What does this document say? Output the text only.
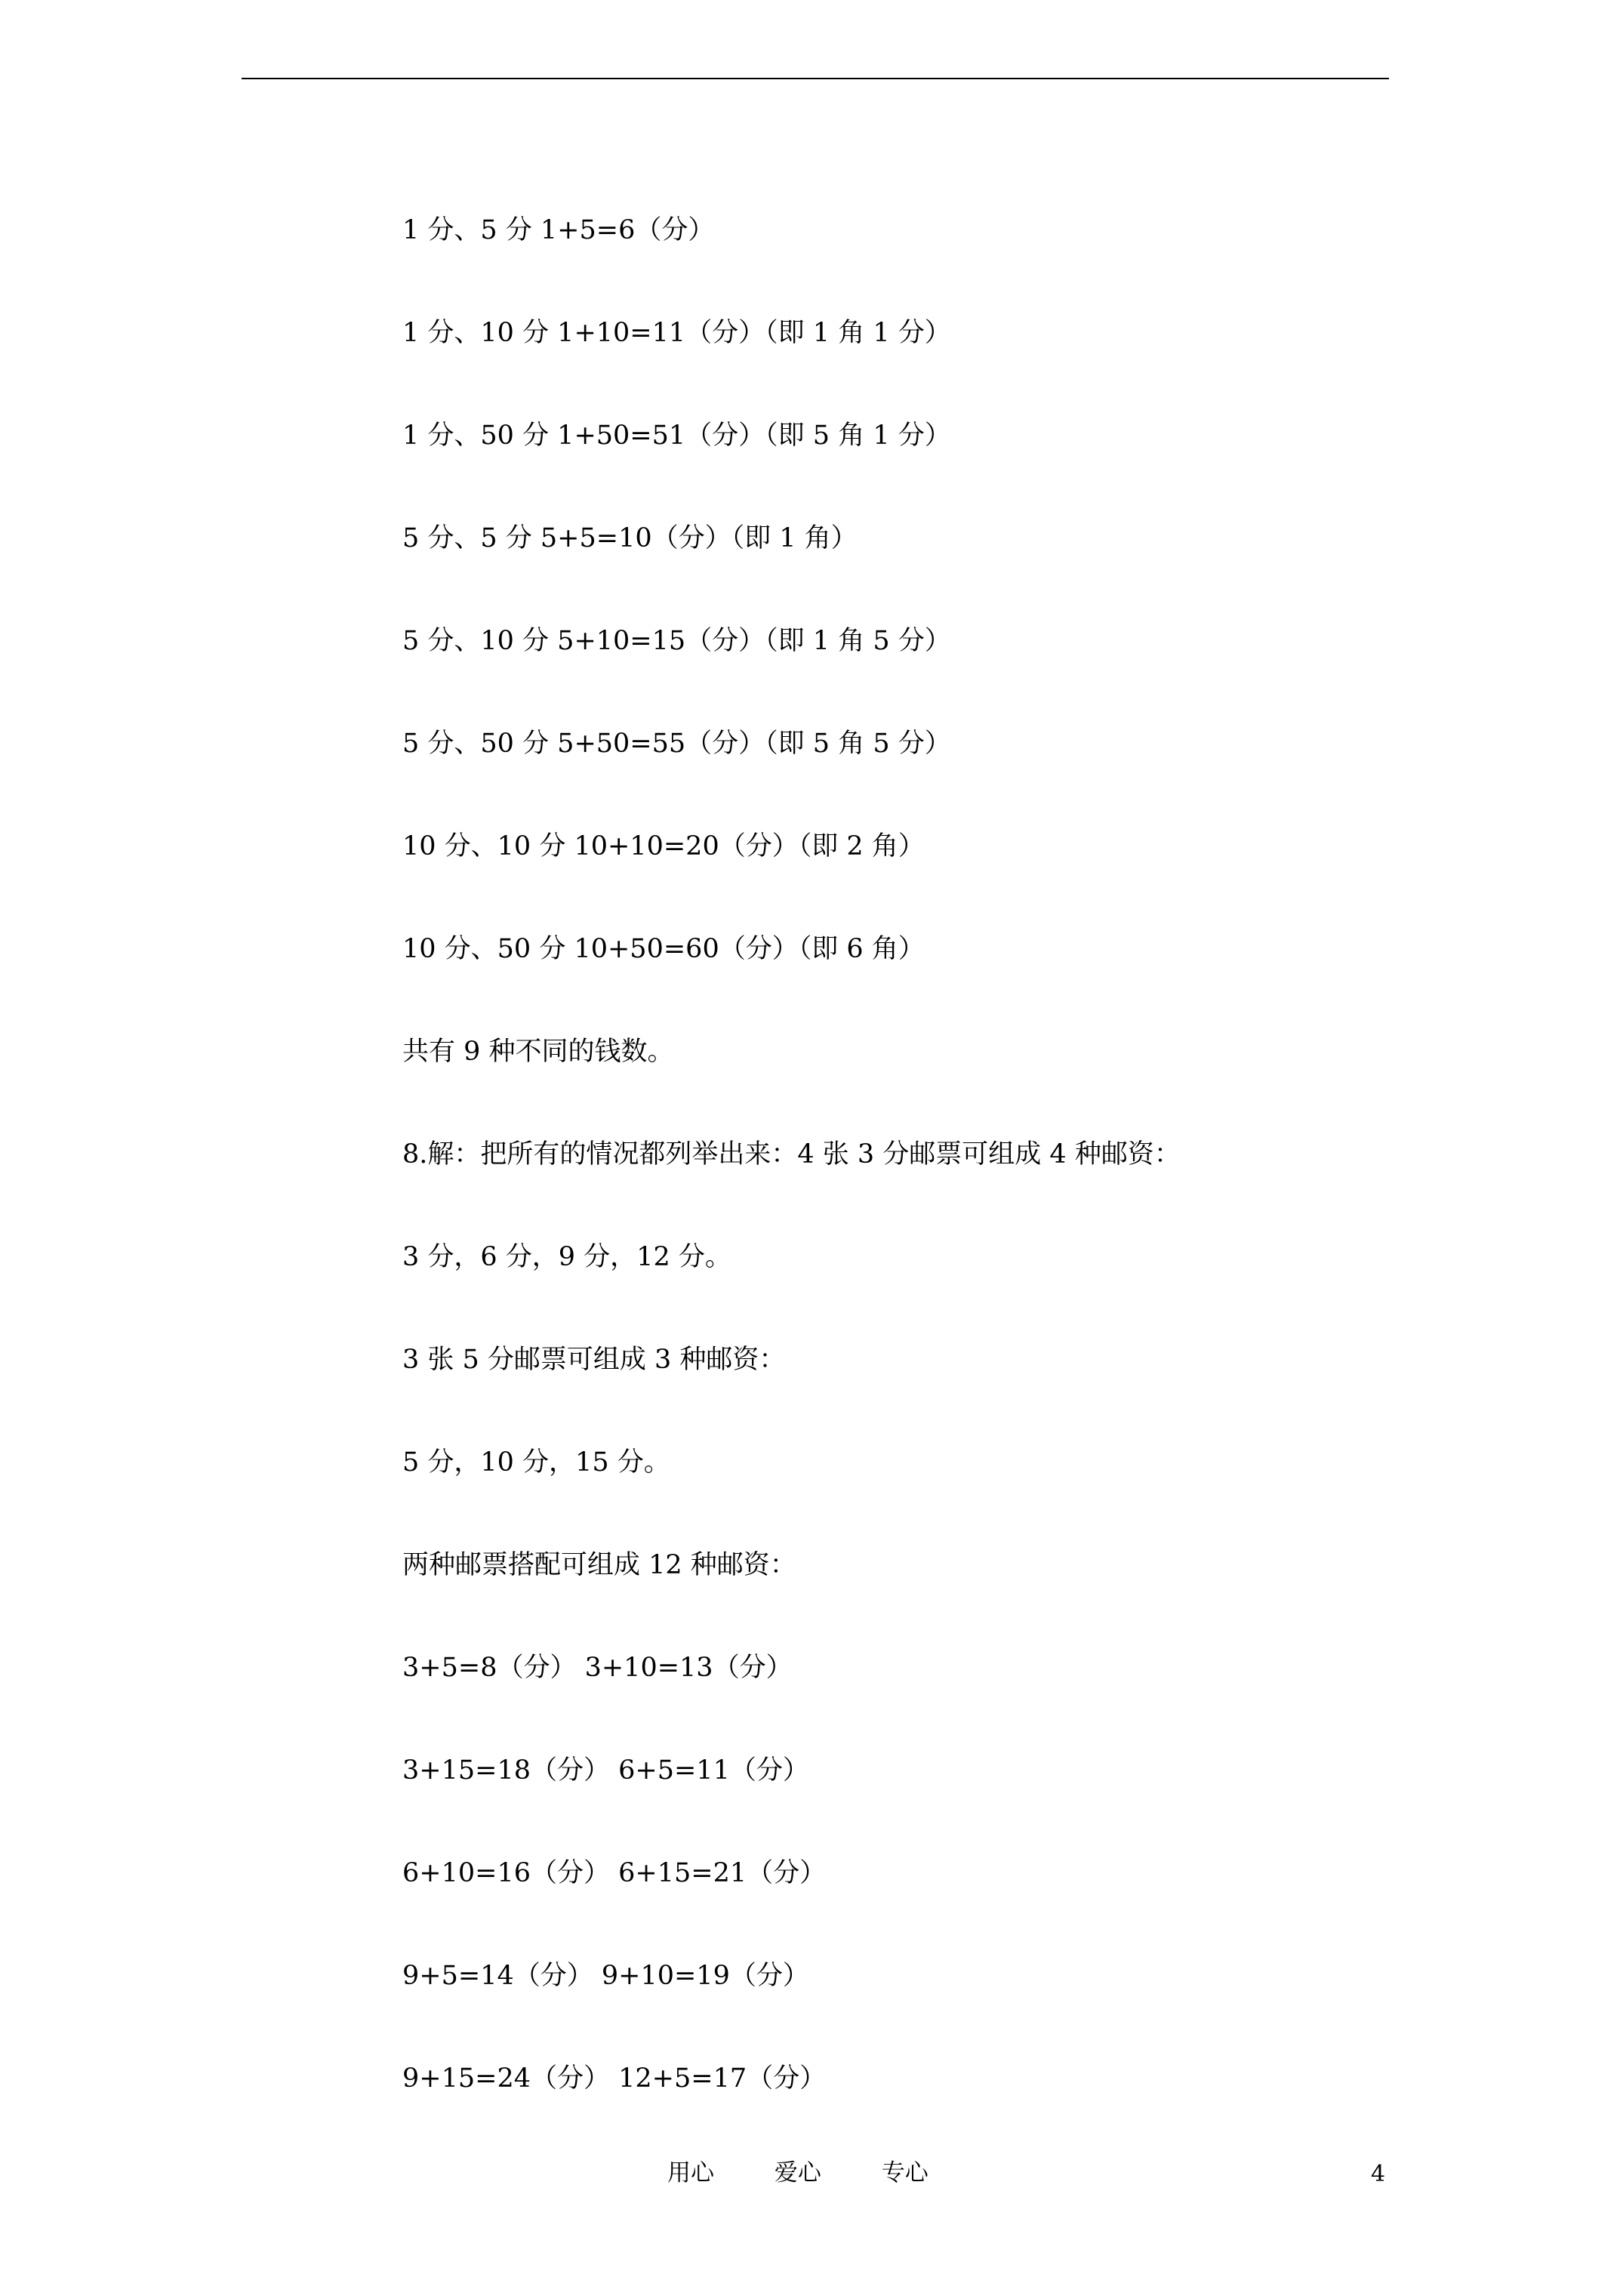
1 分、5 分 1+5=6（分）
1 分、10 分 1+10=11（分）（即 1 角 1 分）
1 分、50 分 1+50=51（分）（即 5 角 1 分）
5 分、5 分 5+5=10（分）（即 1 角）
5 分、10 分 5+10=15（分）（即 1 角 5 分）
5 分、50 分 5+50=55（分）（即 5 角 5 分）
10 分、10 分 10+10=20（分）（即 2 角）
10 分、50 分 10+50=60（分）（即 6 角）
共有 9 种不同的钱数。
8.解：把所有的情况都列举出来：4 张 3 分邮票可组成 4 种邮资：
3 分，6 分，9 分，12 分。
3 张 5 分邮票可组成 3 种邮资：
5 分，10 分，15 分。
两种邮票搭配可组成 12 种邮资：
3+5=8（分） 3+10=13（分）
3+15=18（分） 6+5=11（分）
6+10=16（分） 6+15=21（分）
9+5=14（分） 9+10=19（分）
9+15=24（分） 12+5=17（分）
用心	爱心	专心	4
